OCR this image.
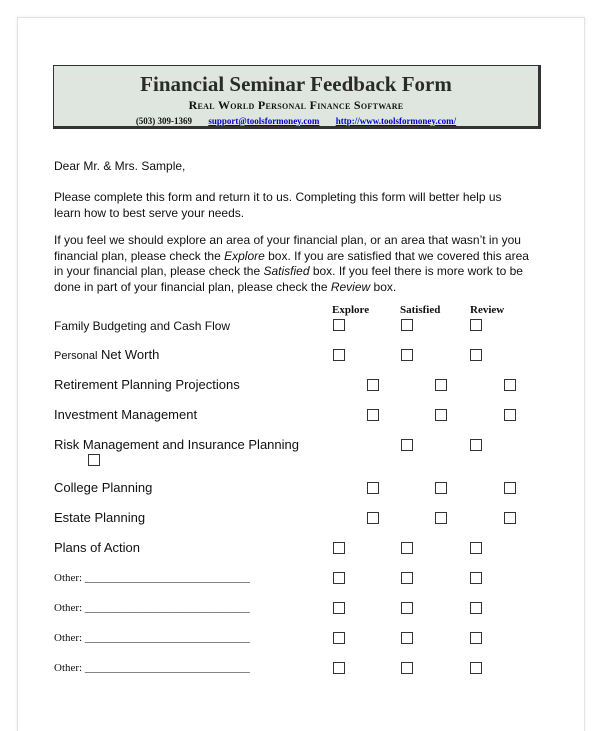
Financial Seminar Feedback Form
Real World Personal Finance Software
(503) 309-1369 support@toolsformoney.com http://www.toolsformoney.com/
Dear Mr. & Mrs. Sample,
Please complete this form and return it to us. Completing this form will better help us
learn how to best serve your needs.
If you feel we should explore an area of your financial plan, or an area that wasn’t in you
financial plan, please check the Explore box. If you are satisfied that we covered this area
in your financial plan, please check the Satisfied box. If you feel there is more work to be
done in part of your financial plan, please check the Review box.
Explore	Satisfied	Review
Family Budgeting and Cash Flow
Personal Net Worth
Retirement Planning Projections
Investment Management
Risk Management and Insurance Planning
College Planning
Estate Planning
Plans of Action
Other: ______________________________
Other: ______________________________
Other: ______________________________
Other: ______________________________
